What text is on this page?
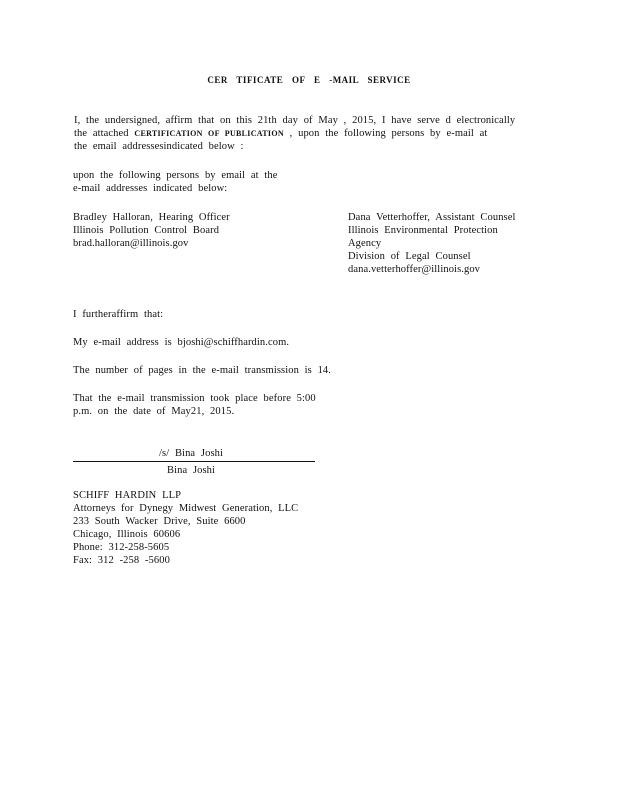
CER TIFICATE OF E -MAIL SERVICE
I, the undersigned, affirm that on this 21th day of May , 2015, I have serve d electronically
the attached CERTIFICATION OF PUBLICATION , upon the following persons by e-mail at
the email addressesindicated below :
upon the following persons by email at the
e-mail addresses indicated below:
Bradley Halloran, Hearing Officer
Illinois Pollution Control Board
brad.halloran@illinois.gov
Dana Vetterhoffer, Assistant Counsel
Illinois Environmental Protection
Agency
Division of Legal Counsel
dana.vetterhoffer@illinois.gov
I furtheraffirm that:
My e-mail address is bjoshi@schiffhardin.com.
The number of pages in the e-mail transmission is 14.
That the e-mail transmission took place before 5:00
p.m. on the date of May21, 2015.
/s/ Bina Joshi
Bina Joshi
SCHIFF HARDIN LLP
Attorneys for Dynegy Midwest Generation, LLC
233 South Wacker Drive, Suite 6600
Chicago, Illinois 60606
Phone: 312-258-5605
Fax: 312 -258 -5600
